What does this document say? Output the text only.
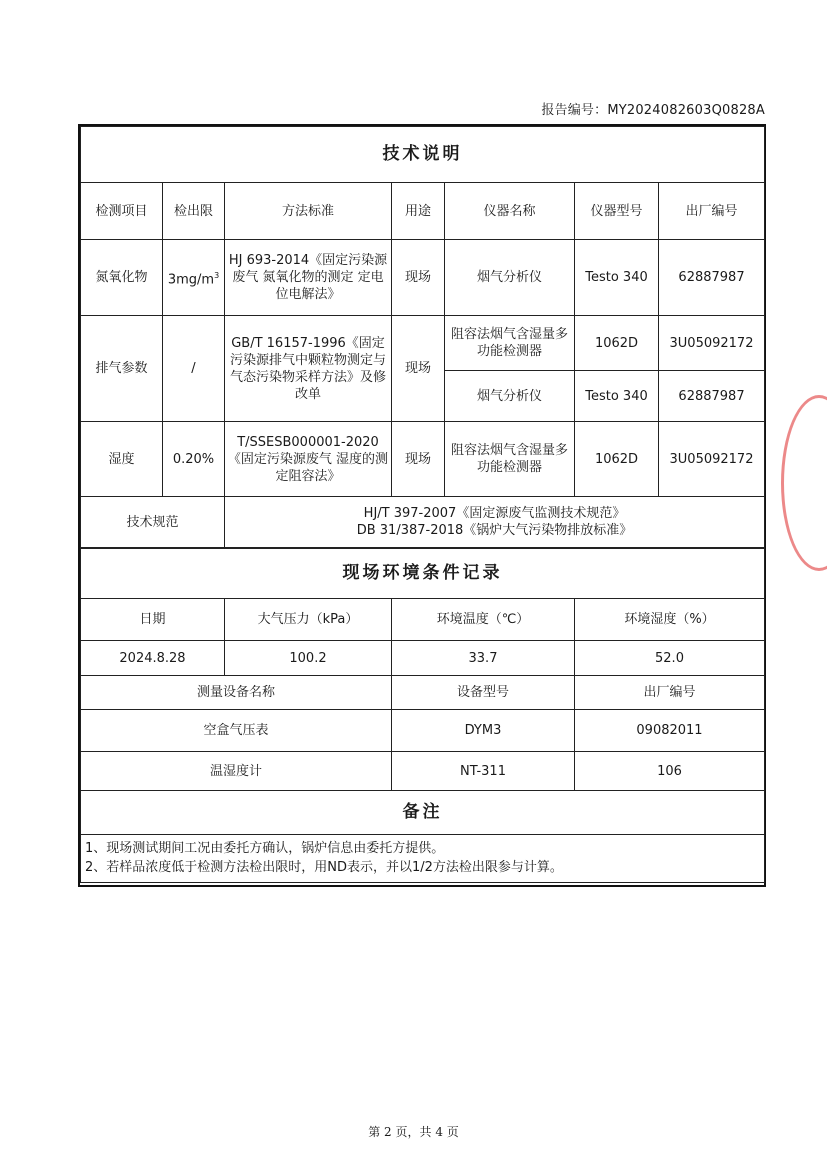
报告编号：MY2024082603Q0828A
技术说明						
检测项目	检出限	方法标准	用途	仪器名称	仪器型号	出厂编号
氮氧化物	$3mg/m^3$	HJ 693-2014《固定污染源废气 氮氧化物的测定 定电位电解法》	现场	烟气分析仪	Testo 340	62887987
排气参数	/	GB/T 16157-1996《固定污染源排气中颗粒物测定与气态污染物采样方法》及修改单	现场	阻容法烟气含湿量多功能检测器	1062D	3U05092172
				烟气分析仪	Testo 340	62887987
湿度	0.20%	T/SSESB000001-2020《固定污染源废气 湿度的测定阻容法》	现场	阻容法烟气含湿量多功能检测器	1062D	3U05092172
技术规范		HJ/T 397-2007《固定源废气监测技术规范》
DB 31/387-2018《锅炉大气污染物排放标准》				
现场环境条件记录			
日期	大气压力（kPa）	环境温度（℃）	环境湿度（%）
2024.8.28	100.2	33.7	52.0
测量设备名称		设备型号	出厂编号
空盒气压表		DYM3	09082011
温湿度计		NT-311	106
备注			

1、现场测试期间工况由委托方确认，锅炉信息由委托方提供。
2、若样品浓度低于检测方法检出限时，用ND表示，并以1/2方法检出限参与计算。			
第 2 页，共 4 页
